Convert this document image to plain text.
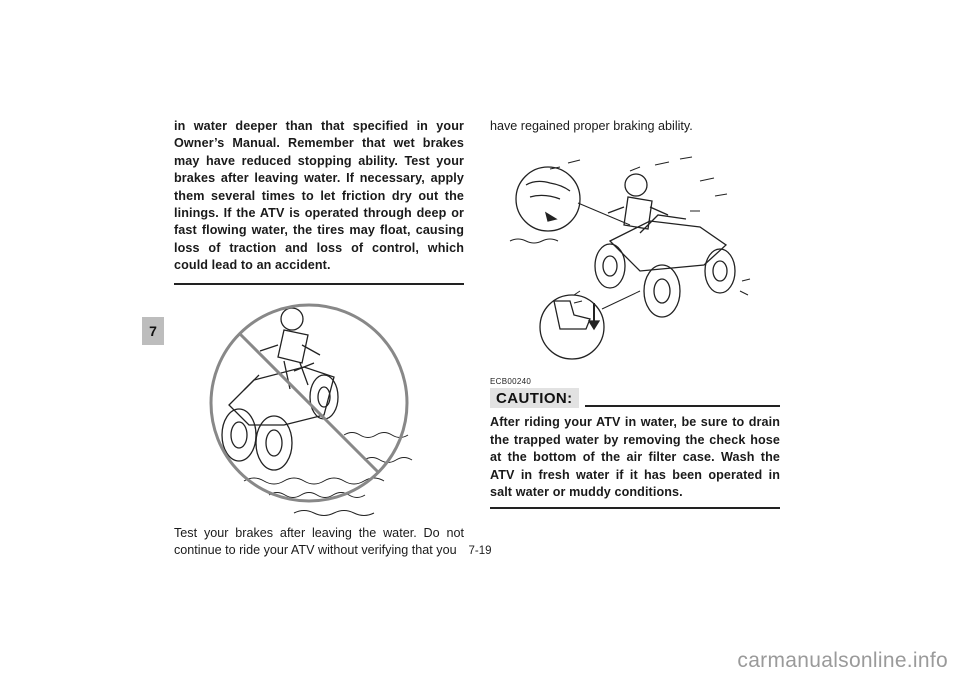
7

in water deeper than that specified in your Owner’s Manual. Remember that wet brakes may have reduced stopping ability. Test your brakes after leaving water. If necessary, apply them several times to let friction dry out the linings. If the ATV is operated through deep or fast flowing water, the tires may float, causing loss of traction and loss of control, which could lead to an accident.

Test your brakes after leaving the water. Do not continue to ride your ATV without verifying that you

have regained proper braking ability.

ECB00240

CAUTION:

After riding your ATV in water, be sure to drain the trapped water by removing the check hose at the bottom of the air filter case. Wash the ATV in fresh water if it has been operated in salt water or muddy conditions.

7-19
carmanualsonline.info
